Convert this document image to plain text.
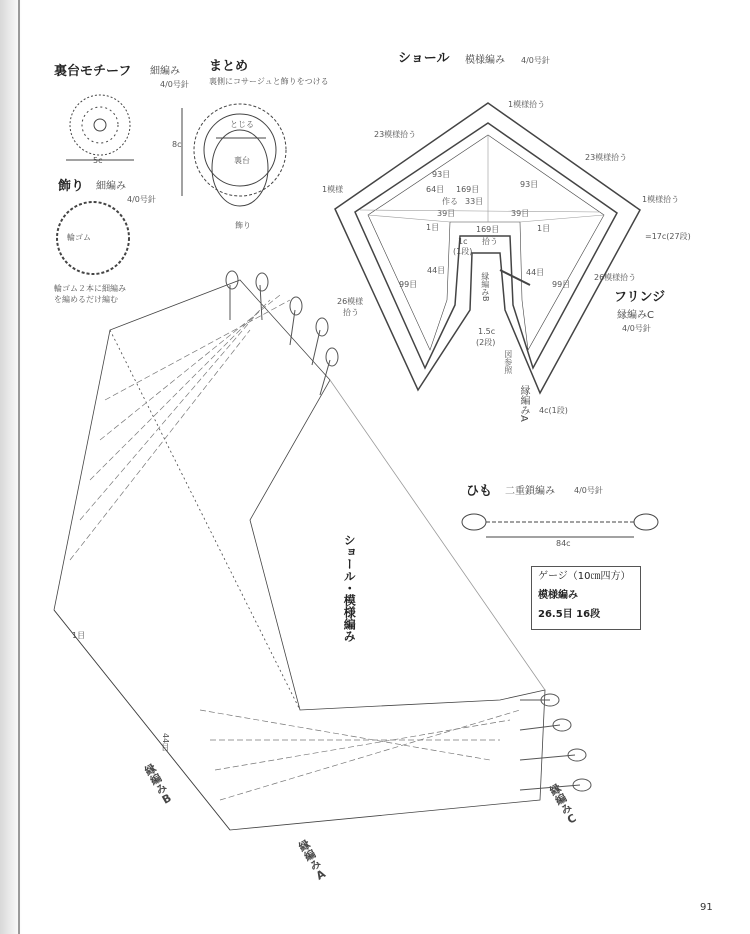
裏台モチーフ 細編み
4/0号針
5c
まとめ
裏側にコサージュと飾りをつける
とじる
裏台
8c
飾り
飾り 細編み
4/0号針
輪ゴム
輪ゴム２本に細編み
を編めるだけ編む
ショール 模様編み 4/0号針
1模様拾う
23模様拾う
23模様拾う
1模様
1模様拾う
93目
93目
64目 169目
作る
39目	39目
33目
1目	1目
169目
拾う
1c
(1段)
44目	44目
99目	99目
縁編みB
26模様
拾う
26模様拾う
1.5c
(2段)
図参照
縁編みA 4c(1段)
=17c(27段)
フリンジ
縁編みC
4/0号針
ひも 二重鎖編み 4/0号針
84c
ゲージ（10㎝四方）
模様編み
26.5目 16段
ショール・模様編み
縁編みB
縁編みA
縁編みC
1目
44目
91
